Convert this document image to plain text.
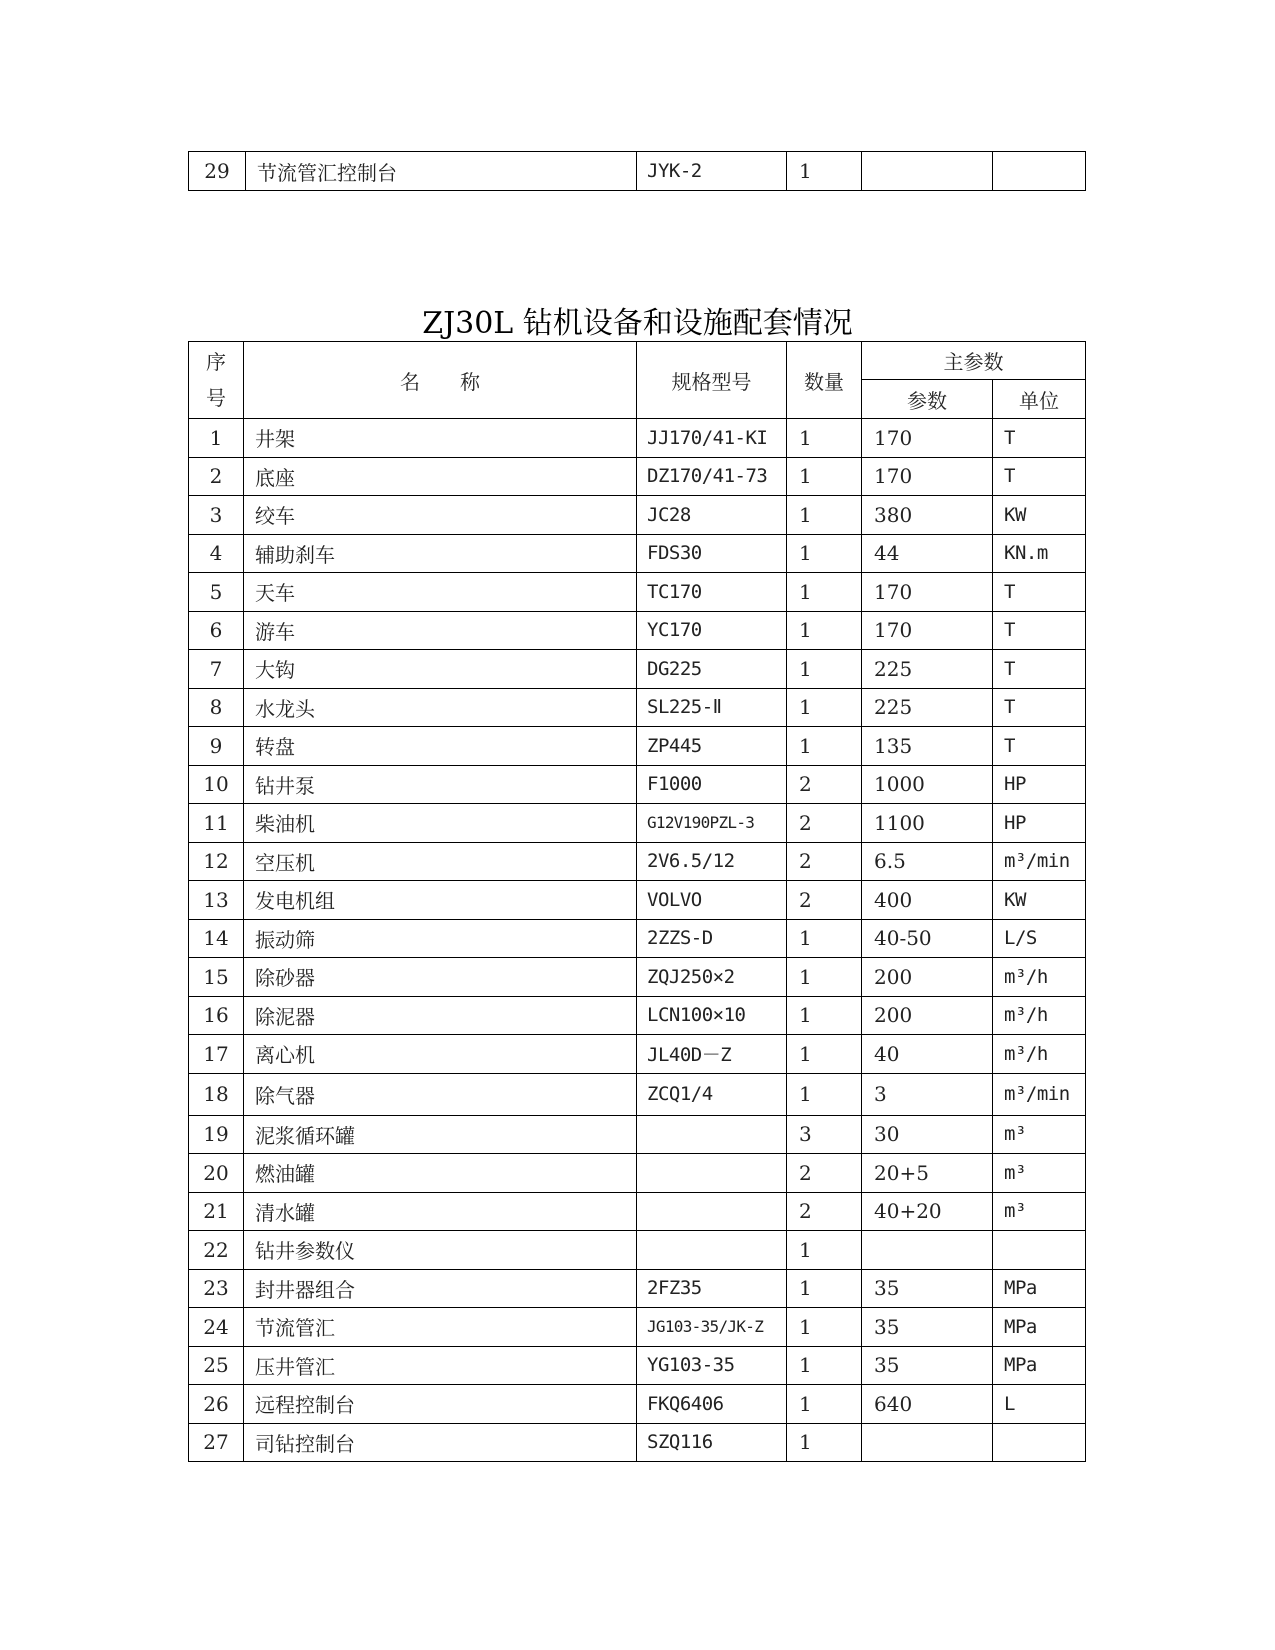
29	节流管汇控制台	JYK-2	1		
ZJ30L 钻机设备和设施配套情况
序
号	名　　称	规格型号	数量	主参数	
				参数	单位
1	井架	JJ170/41-KI	1	170	T
2	底座	DZ170/41-73	1	170	T
3	绞车	JC28	1	380	KW
4	辅助刹车	FDS30	1	44	KN.m
5	天车	TC170	1	170	T
6	游车	YC170	1	170	T
7	大钩	DG225	1	225	T
8	水龙头	SL225-Ⅱ	1	225	T
9	转盘	ZP445	1	135	T
10	钻井泵	F1000	2	1000	HP
11	柴油机	G12V190PZL-3	2	1100	HP
12	空压机	2V6.5/12	2	6.5	m³/min
13	发电机组	VOLVO	2	400	KW
14	振动筛	2ZZS-D	1	40-50	L/S
15	除砂器	ZQJ250×2	1	200	m³/h
16	除泥器	LCN100×10	1	200	m³/h
17	离心机	JL40D－Z	1	40	m³/h
18	除气器	ZCQ1/4	1	3	m³/min
19	泥浆循环罐		3	30	m³
20	燃油罐		2	20+5	m³
21	清水罐		2	40+20	m³
22	钻井参数仪		1		
23	封井器组合	2FZ35	1	35	MPa
24	节流管汇	JG103-35/JK-Z	1	35	MPa
25	压井管汇	YG103-35	1	35	MPa
26	远程控制台	FKQ6406	1	640	L
27	司钻控制台	SZQ116	1		
